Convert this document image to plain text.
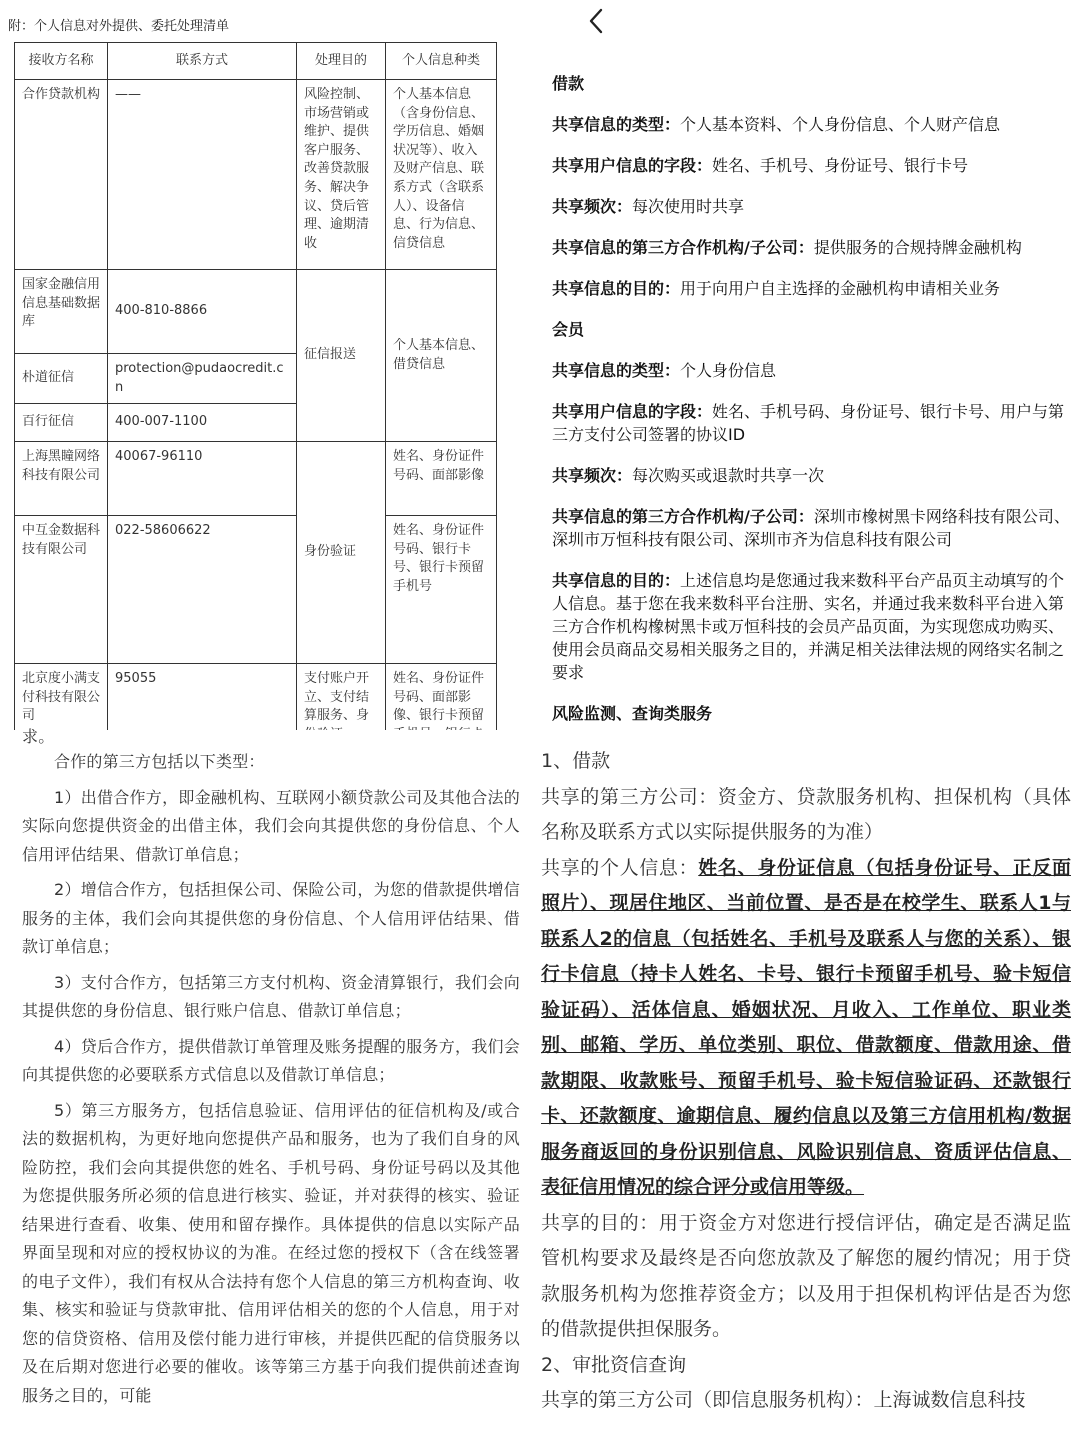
附：个人信息对外提供、委托处理清单
接收方名称	联系方式	处理目的	个人信息种类
合作贷款机构	——	风险控制、市场营销或维护、提供客户服务、改善贷款服务、解决争议、贷后管理、逾期清收	个人基本信息（含身份信息、学历信息、婚姻状况等）、收入及财产信息、联系方式（含联系人）、设备信息、行为信息、信贷信息
国家金融信用信息基础数据库	400-810-8866	征信报送	个人基本信息、借贷信息
朴道征信	protection@pudaocredit.cn		
百行征信	400-007-1100		
上海黑瞳网络科技有限公司	40067-96110	身份验证	姓名、身份证件号码、面部影像
中互金数据科技有限公司	022-58606622		姓名、身份证件号码、银行卡号、银行卡预留手机号
北京度小满支付科技有限公司	95055	支付账户开立、支付结算服务、身	姓名、身份证件号码、面部影像、银行卡预留
借款
共享信息的类型：个人基本资料、个人身份信息、个人财产信息
共享用户信息的字段：姓名、手机号、身份证号、银行卡号
共享频次：每次使用时共享
共享信息的第三方合作机构/子公司：提供服务的合规持牌金融机构
共享信息的目的：用于向用户自主选择的金融机构申请相关业务
会员
共享信息的类型：个人身份信息
共享用户信息的字段：姓名、手机号码、身份证号、银行卡号、用户与第三方支付公司签署的协议ID
共享频次：每次购买或退款时共享一次
共享信息的第三方合作机构/子公司：深圳市橡树黑卡网络科技有限公司、深圳市万恒科技有限公司、深圳市齐为信息科技有限公司
共享信息的目的：上述信息均是您通过我来数科平台产品页主动填写的个人信息。基于您在我来数科平台注册、实名，并通过我来数科平台进入第三方合作机构橡树黑卡或万恒科技的会员产品页面，为实现您成功购买、使用会员商品交易相关服务之目的，并满足相关法律法规的网络实名制之要求
风险监测、查询类服务

求。

合作的第三方包括以下类型：

1）出借合作方，即金融机构、互联网小额贷款公司及其他合法的实际向您提供资金的出借主体，我们会向其提供您的身份信息、个人信用评估结果、借款订单信息；

2）增信合作方，包括担保公司、保险公司，为您的借款提供增信服务的主体，我们会向其提供您的身份信息、个人信用评估结果、借款订单信息；

3）支付合作方，包括第三方支付机构、资金清算银行，我们会向其提供您的身份信息、银行账户信息、借款订单信息；

4）贷后合作方，提供借款订单管理及账务提醒的服务方，我们会向其提供您的必要联系方式信息以及借款订单信息；

5）第三方服务方，包括信息验证、信用评估的征信机构及/或合法的数据机构，为更好地向您提供产品和服务，也为了我们自身的风险防控，我们会向其提供您的姓名、手机号码、身份证号码以及其他为您提供服务所必须的信息进行核实、验证，并对获得的核实、验证结果进行查看、收集、使用和留存操作。具体提供的信息以实际产品界面呈现和对应的授权协议的为准。在经过您的授权下（含在线签署的电子文件），我们有权从合法持有您个人信息的第三方机构查询、收集、核实和验证与贷款审批、信用评估相关的您的个人信息，用于对您的信贷资格、信用及偿付能力进行审核，并提供匹配的信贷服务以及在后期对您进行必要的催收。该等第三方基于向我们提供前述查询服务之目的，可能

1、借款

共享的第三方公司：资金方、贷款服务机构、担保机构（具体名称及联系方式以实际提供服务的为准）

共享的个人信息：姓名、身份证信息（包括身份证号、正反面照片）、现居住地区、当前位置、是否是在校学生、联系人1与联系人2的信息（包括姓名、手机号及联系人与您的关系）、银行卡信息（持卡人姓名、卡号、银行卡预留手机号、验卡短信验证码）、活体信息、婚姻状况、月收入、工作单位、职业类别、邮箱、学历、单位类别、职位、借款额度、借款用途、借款期限、收款账号、预留手机号、验卡短信验证码、还款银行卡、还款额度、逾期信息、履约信息以及第三方信用机构/数据服务商返回的身份识别信息、风险识别信息、资质评估信息、表征信用情况的综合评分或信用等级。

共享的目的：用于资金方对您进行授信评估，确定是否满足监管机构要求及最终是否向您放款及了解您的履约情况；用于贷款服务机构为您推荐资金方；以及用于担保机构评估是否为您的借款提供担保服务。

2、审批资信查询

共享的第三方公司（即信息服务机构）：上海诚数信息科技
